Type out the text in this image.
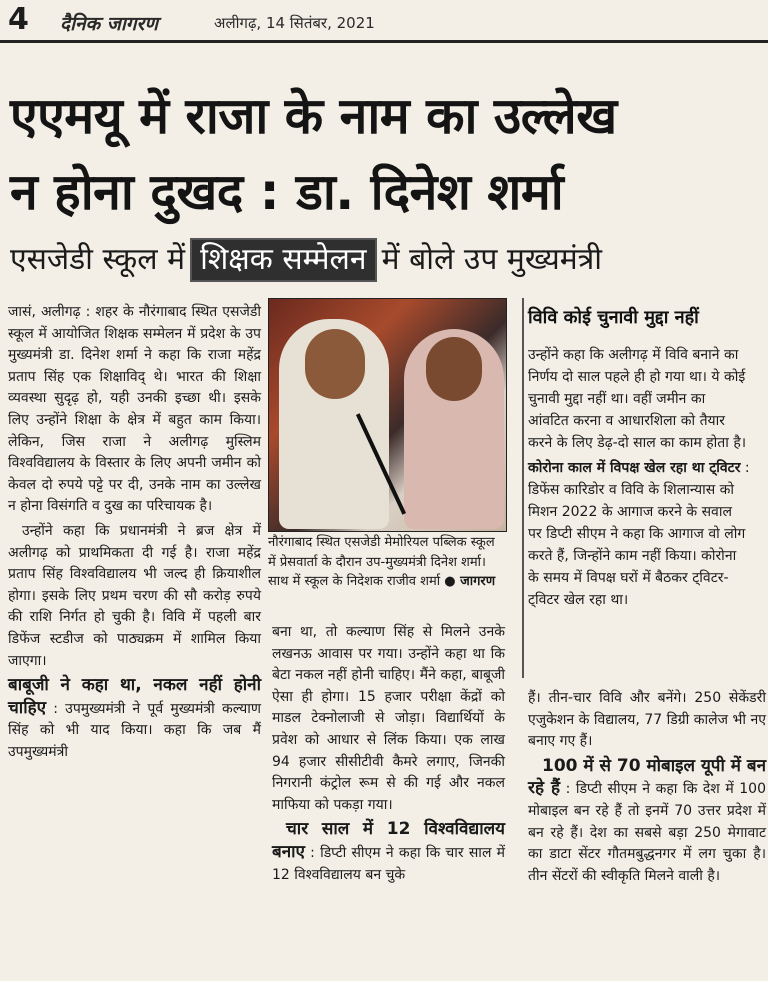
4 दैनिक जागरण	अलीगढ़, 14 सितंबर, 2021
एएमयू में राजा के नाम का उल्लेख
न होना दुखद : डा. दिनेश शर्मा
एसजेडी स्कूल में शिक्षक सम्मेलन में बोले उप मुख्यमंत्री

जासं, अलीगढ़ : शहर के नौरंगाबाद स्थित एसजेडी स्कूल में आयोजित शिक्षक सम्मेलन में प्रदेश के उप मुख्यमंत्री डा. दिनेश शर्मा ने कहा कि राजा महेंद्र प्रताप सिंह एक शिक्षाविद् थे। भारत की शिक्षा व्यवस्था सुदृढ़ हो, यही उनकी इच्छा थी। इसके लिए उन्होंने शिक्षा के क्षेत्र में बहुत काम किया। लेकिन, जिस राजा ने अलीगढ़ मुस्लिम विश्वविद्यालय के विस्तार के लिए अपनी जमीन को केवल दो रुपये पट्टे पर दी, उनके नाम का उल्लेख न होना विसंगति व दुख का परिचायक है।

उन्होंने कहा कि प्रधानमंत्री ने ब्रज क्षेत्र में अलीगढ़ को प्राथमिकता दी गई है। राजा महेंद्र प्रताप सिंह विश्वविद्यालय भी जल्द ही क्रियाशील होगा। इसके लिए प्रथम चरण की सौ करोड़ रुपये की राशि निर्गत हो चुकी है। विवि में पहली बार डिफेंज स्टडीज को पाठ्यक्रम में शामिल किया जाएगा।

बाबूजी ने कहा था, नकल नहीं होनी चाहिए : उपमुख्यमंत्री ने पूर्व मुख्यमंत्री कल्याण सिंह को भी याद किया। कहा कि जब मैं उपमुख्यमंत्री

नौरंगाबाद स्थित एसजेडी मेमोरियल पब्लिक स्कूल में प्रेसवार्ता के दौरान उप-मुख्यमंत्री दिनेश शर्मा। साथ में स्कूल के निदेशक राजीव शर्मा ● जागरण

बना था, तो कल्याण सिंह से मिलने उनके लखनऊ आवास पर गया। उन्होंने कहा था कि बेटा नकल नहीं होनी चाहिए। मैंने कहा, बाबूजी ऐसा ही होगा। 15 हजार परीक्षा केंद्रों को माडल टेक्नोलाजी से जोड़ा। विद्यार्थियों के प्रवेश को आधार से लिंक किया। एक लाख 94 हजार सीसीटीवी कैमरे लगाए, जिनकी निगरानी कंट्रोल रूम से की गई और नकल माफिया को पकड़ा गया।

चार साल में 12 विश्वविद्यालय बनाए : डिप्टी सीएम ने कहा कि चार साल में 12 विश्वविद्यालय बन चुके

विवि कोई चुनावी मुद्दा नहीं

उन्होंने कहा कि अलीगढ़ में विवि बनाने का निर्णय दो साल पहले ही हो गया था। ये कोई चुनावी मुद्दा नहीं था। वहीं जमीन का आंवटित करना व आधारशिला को तैयार करने के लिए डेढ़-दो साल का काम होता है।

कोरोना काल में विपक्ष खेल रहा था ट्विटर : डिफेंस कारिडोर व विवि के शिलान्यास को मिशन 2022 के आगाज करने के सवाल पर डिप्टी सीएम ने कहा कि आगाज वो लोग करते हैं, जिन्होंने काम नहीं किया। कोरोना के समय में विपक्ष घरों में बैठकर ट्विटर-ट्विटर खेल रहा था।

हैं। तीन-चार विवि और बनेंगे। 250 सेकेंडरी एजुकेशन के विद्यालय, 77 डिग्री कालेज भी नए बनाए गए हैं।

100 में से 70 मोबाइल यूपी में बन रहे हैं : डिप्टी सीएम ने कहा कि देश में 100 मोबाइल बन रहे हैं तो इनमें 70 उत्तर प्रदेश में बन रहे हैं। देश का सबसे बड़ा 250 मेगावाट का डाटा सेंटर गौतमबुद्धनगर में लग चुका है। तीन सेंटरों की स्वीकृति मिलने वाली है।
